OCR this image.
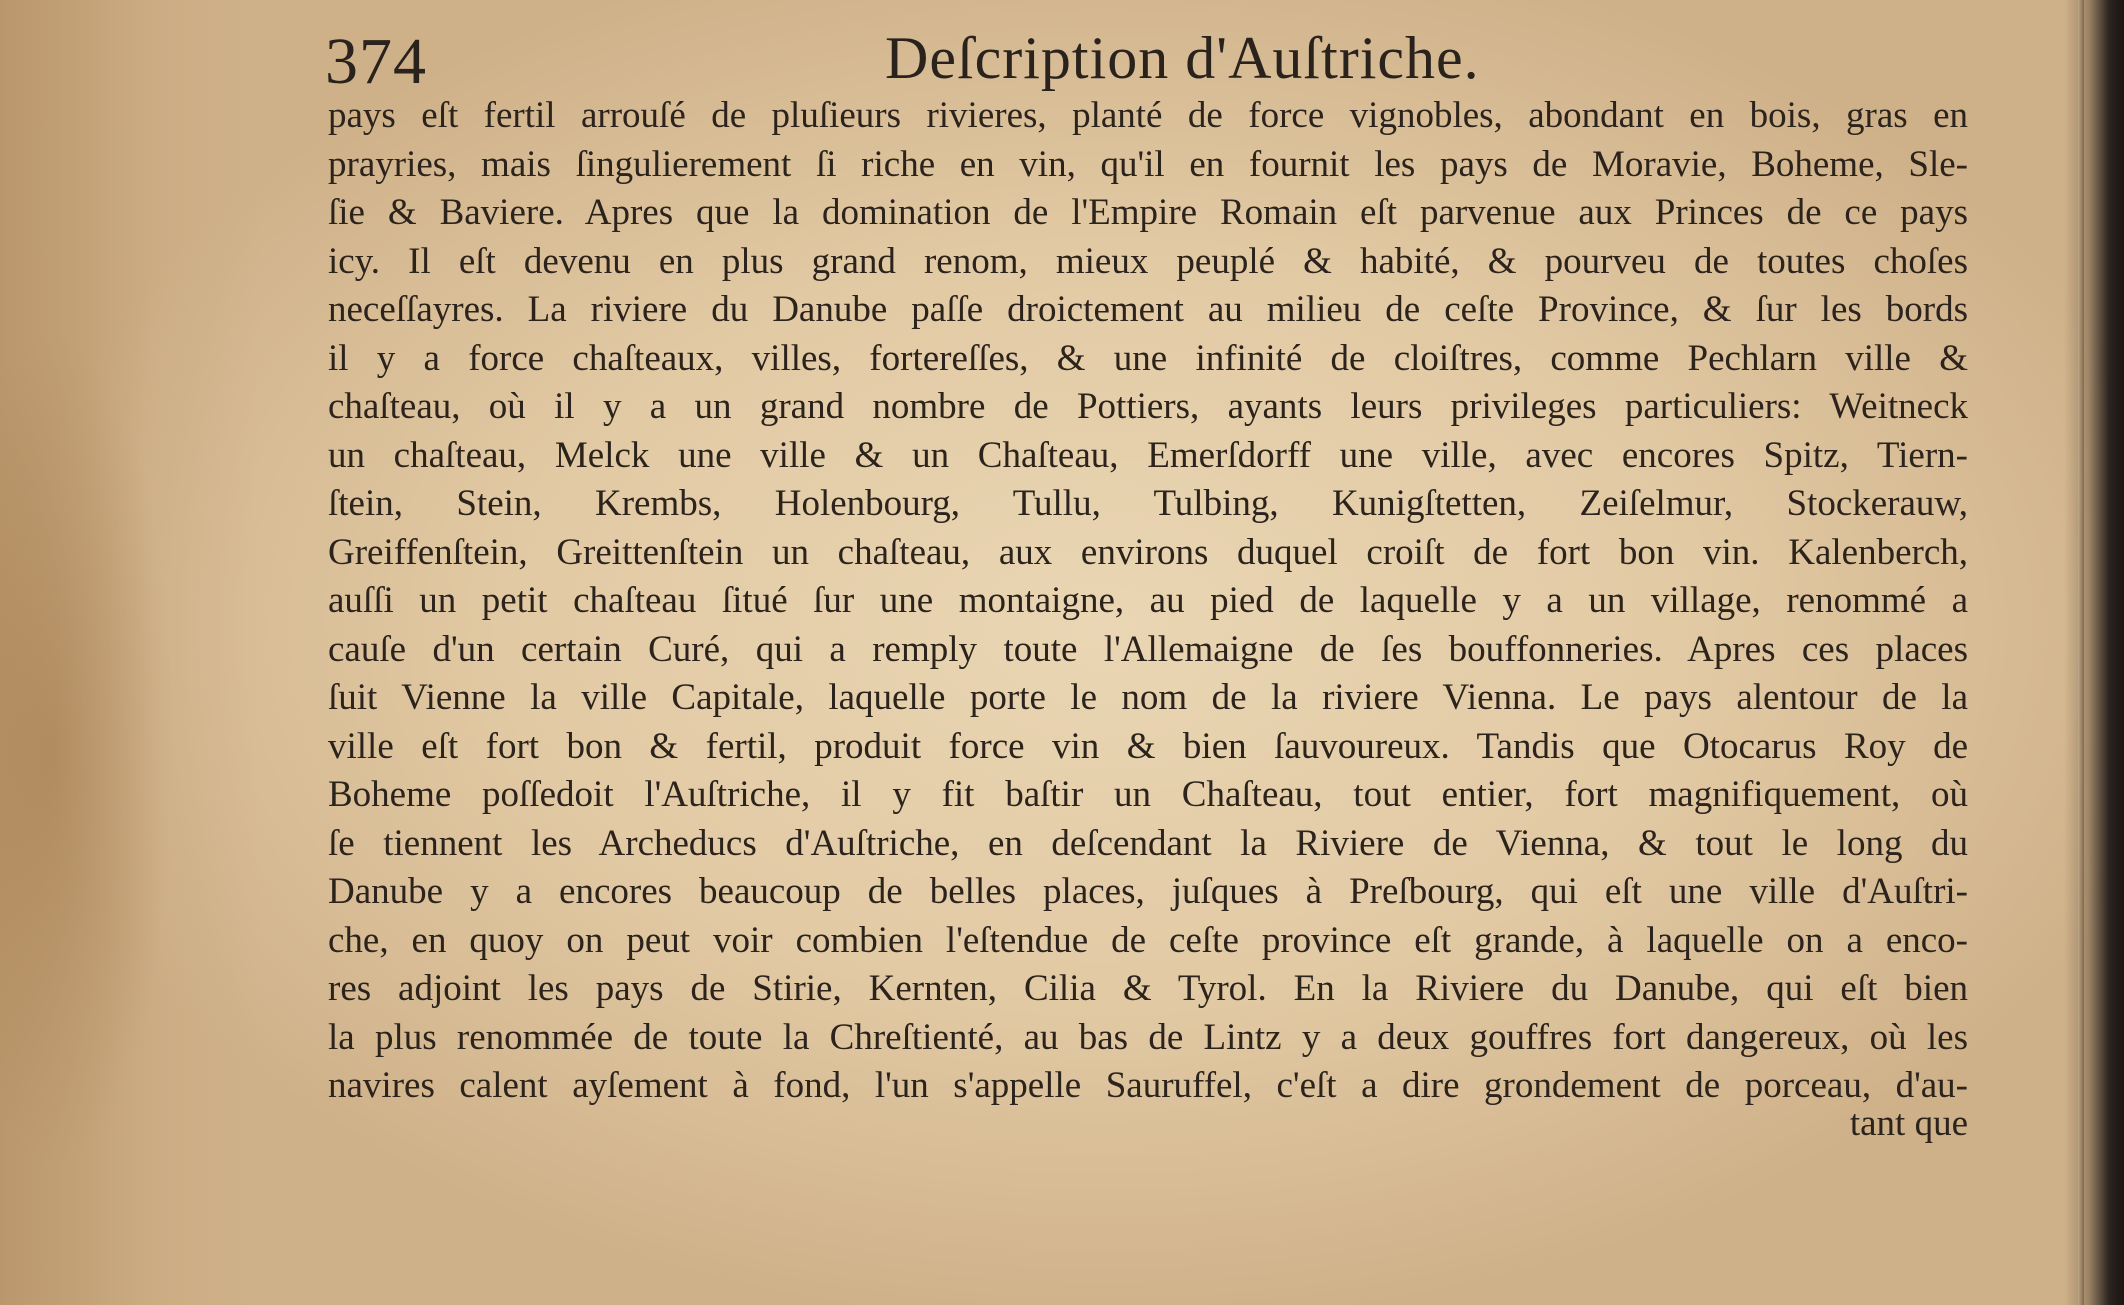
374	Deſcription d'Auſtriche.
pays eſt fertil arrouſé de pluſieurs rivieres, planté de force vignobles, abondant en bois, gras en
prayries, mais ſingulierement ſi riche en vin, qu'il en fournit les pays de Moravie, Boheme, Sle-
ſie & Baviere. Apres que la domination de l'Empire Romain eſt parvenue aux Princes de ce pays
icy. Il eſt devenu en plus grand renom, mieux peuplé & habité, & pourveu de toutes choſes
neceſſayres. La riviere du Danube paſſe droictement au milieu de ceſte Province, & ſur les bords
il y a force chaſteaux, villes, fortereſſes, & une infinité de cloiſtres, comme Pechlarn ville &
chaſteau, où il y a un grand nombre de Pottiers, ayants leurs privileges particuliers: Weitneck
un chaſteau, Melck une ville & un Chaſteau, Emerſdorff une ville, avec encores Spitz, Tiern-
ſtein, Stein, Krembs, Holenbourg, Tullu, Tulbing, Kunigſtetten, Zeiſelmur, Stockerauw,
Greiffenſtein, Greittenſtein un chaſteau, aux environs duquel croiſt de fort bon vin. Kalenberch,
auſſi un petit chaſteau ſitué ſur une montaigne, au pied de laquelle y a un village, renommé a
cauſe d'un certain Curé, qui a remply toute l'Allemaigne de ſes bouffonneries. Apres ces places
ſuit Vienne la ville Capitale, laquelle porte le nom de la riviere Vienna. Le pays alentour de la
ville eſt fort bon & fertil, produit force vin & bien ſauvoureux. Tandis que Otocarus Roy de
Boheme poſſedoit l'Auſtriche, il y fit baſtir un Chaſteau, tout entier, fort magnifiquement, où
ſe tiennent les Archeducs d'Auſtriche, en deſcendant la Riviere de Vienna, & tout le long du
Danube y a encores beaucoup de belles places, juſques à Preſbourg, qui eſt une ville d'Auſtri-
che, en quoy on peut voir combien l'eſtendue de ceſte province eſt grande, à laquelle on a enco-
res adjoint les pays de Stirie, Kernten, Cilia & Tyrol. En la Riviere du Danube, qui eſt bien
la plus renommée de toute la Chreſtienté, au bas de Lintz y a deux gouffres fort dangereux, où les
navires calent ayſement à fond, l'un s'appelle Sauruffel, c'eſt a dire grondement de porceau, d'au-
tant que
